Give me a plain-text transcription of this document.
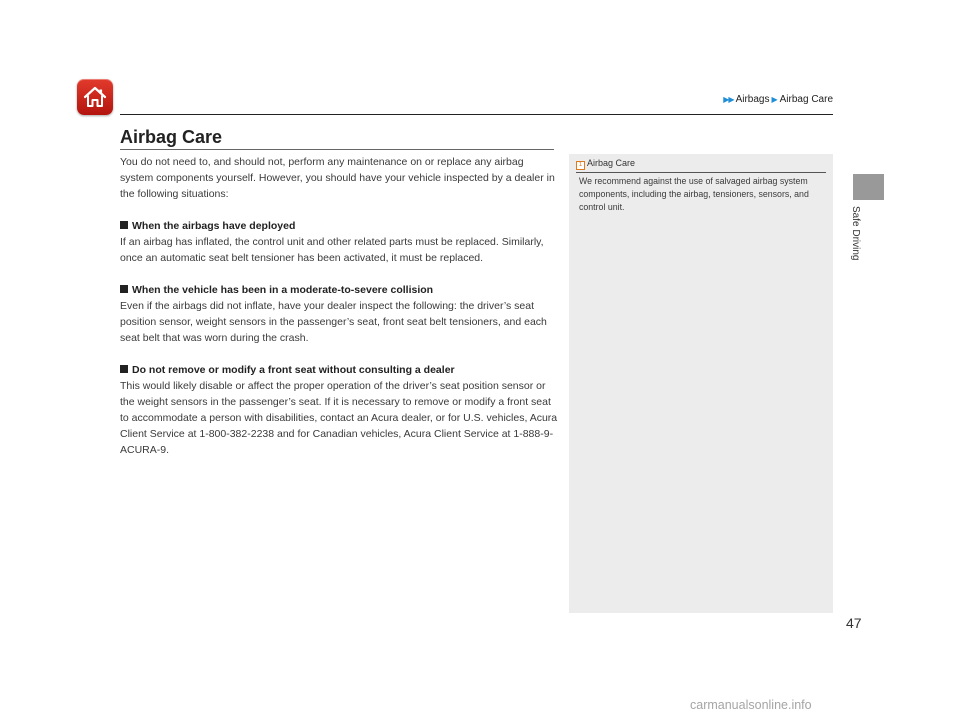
▶▶ Airbags ▶ Airbag Care
Airbag Care

You do not need to, and should not, perform any maintenance on or replace any airbag system components yourself. However, you should have your vehicle inspected by a dealer in the following situations:

When the airbags have deployed

If an airbag has inflated, the control unit and other related parts must be replaced. Similarly, once an automatic seat belt tensioner has been activated, it must be replaced.

When the vehicle has been in a moderate-to-severe collision

Even if the airbags did not inflate, have your dealer inspect the following: the driver’s seat position sensor, weight sensors in the passenger’s seat, front seat belt tensioners, and each seat belt that was worn during the crash.

Do not remove or modify a front seat without consulting a dealer

This would likely disable or affect the proper operation of the driver’s seat position sensor or the weight sensors in the passenger’s seat. If it is necessary to remove or modify a front seat to accommodate a person with disabilities, contact an Acura dealer, or for U.S. vehicles, Acura Client Service at 1-800-382-2238 and for Canadian vehicles, Acura Client Service at 1-888-9-ACURA-9.

1 Airbag Care
We recommend against the use of salvaged airbag system components, including the airbag, tensioners, sensors, and control unit.	Safe Driving
47
carmanualsonline.info
